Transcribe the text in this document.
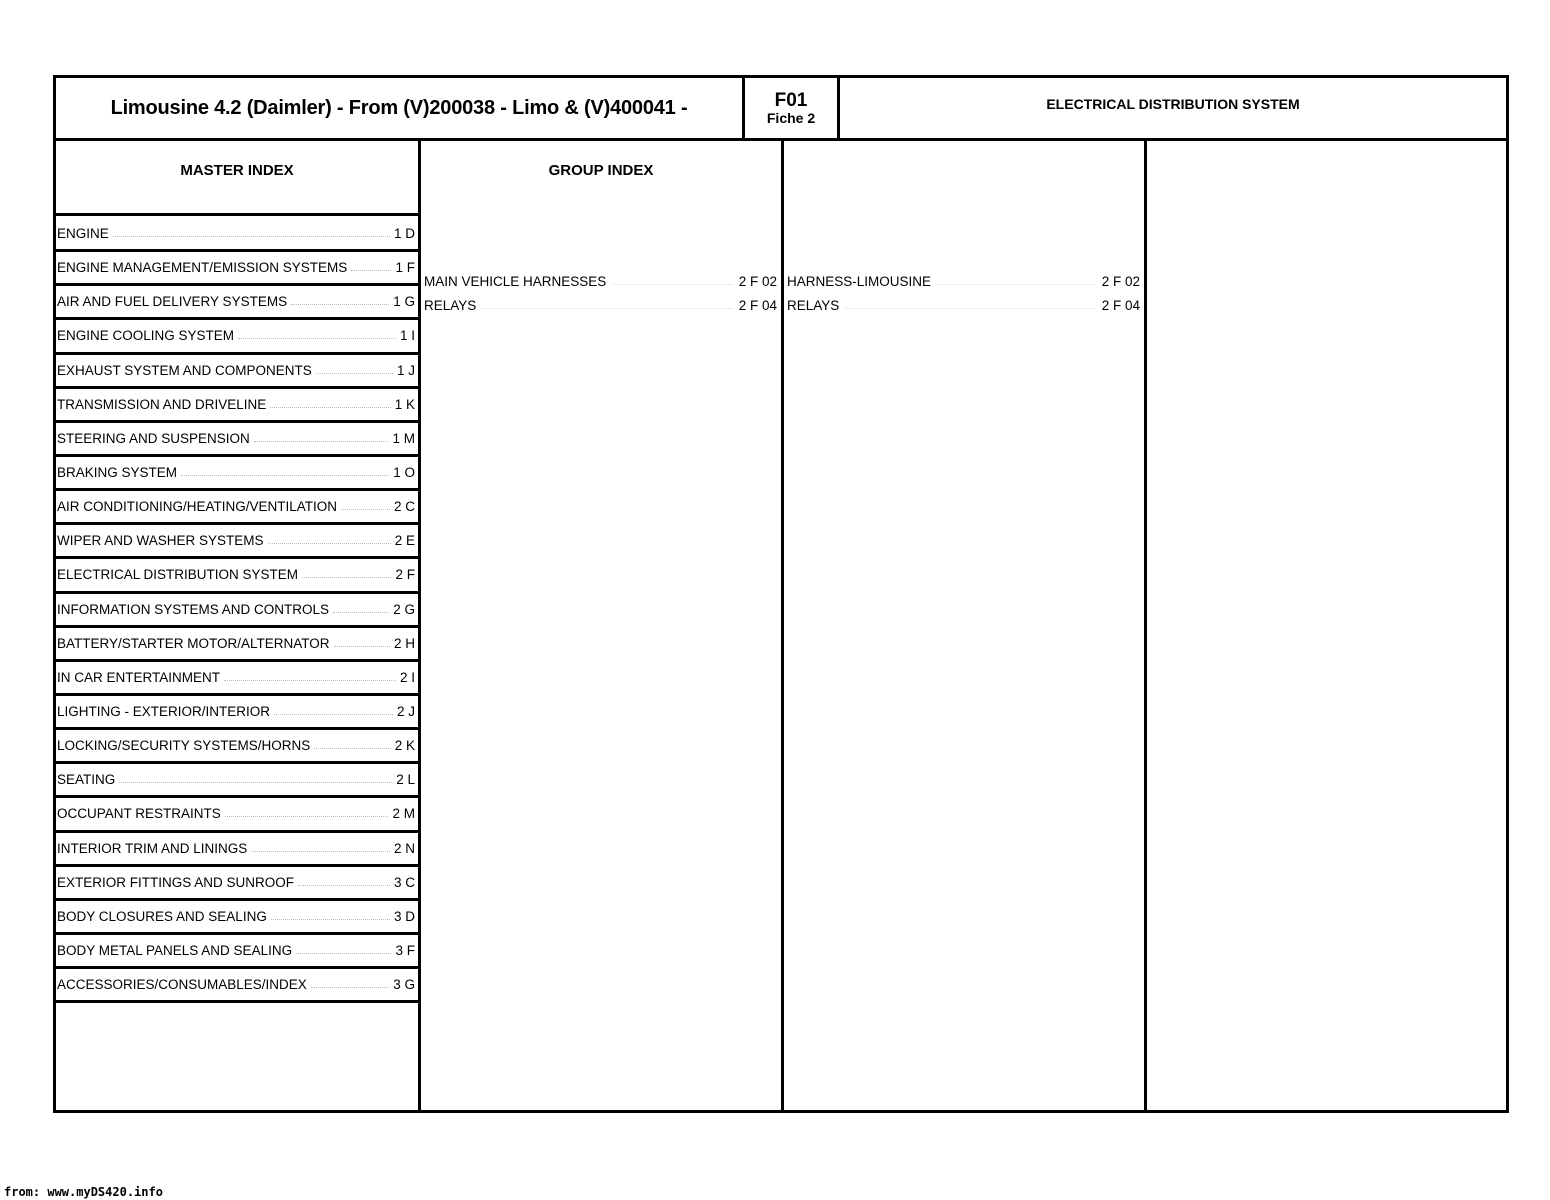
Limousine 4.2 (Daimler) - From (V)200038 - Limo & (V)400041 -	F01
Fiche 2
ELECTRICAL DISTRIBUTION SYSTEM
MASTER INDEX
ENGINE	1 D
ENGINE MANAGEMENT/EMISSION SYSTEMS	1 F
AIR AND FUEL DELIVERY SYSTEMS	1 G
ENGINE COOLING SYSTEM	1 I
EXHAUST SYSTEM AND COMPONENTS	1 J
TRANSMISSION AND DRIVELINE	1 K
STEERING AND SUSPENSION	1 M
BRAKING SYSTEM	1 O
AIR CONDITIONING/HEATING/VENTILATION	2 C
WIPER AND WASHER SYSTEMS	2 E
ELECTRICAL DISTRIBUTION SYSTEM	2 F
INFORMATION SYSTEMS AND CONTROLS	2 G
BATTERY/STARTER MOTOR/ALTERNATOR	2 H
IN CAR ENTERTAINMENT	2 I
LIGHTING - EXTERIOR/INTERIOR	2 J
LOCKING/SECURITY SYSTEMS/HORNS	2 K
SEATING	2 L
OCCUPANT RESTRAINTS	2 M
INTERIOR TRIM AND LININGS	2 N
EXTERIOR FITTINGS AND SUNROOF	3 C
BODY CLOSURES AND SEALING	3 D
BODY METAL PANELS AND SEALING	3 F
ACCESSORIES/CONSUMABLES/INDEX	3 G
GROUP INDEX
MAIN VEHICLE HARNESSES	2 F 02
RELAYS	2 F 04
HARNESS-LIMOUSINE	2 F 02
RELAYS	2 F 04
from: www.myDS420.info
